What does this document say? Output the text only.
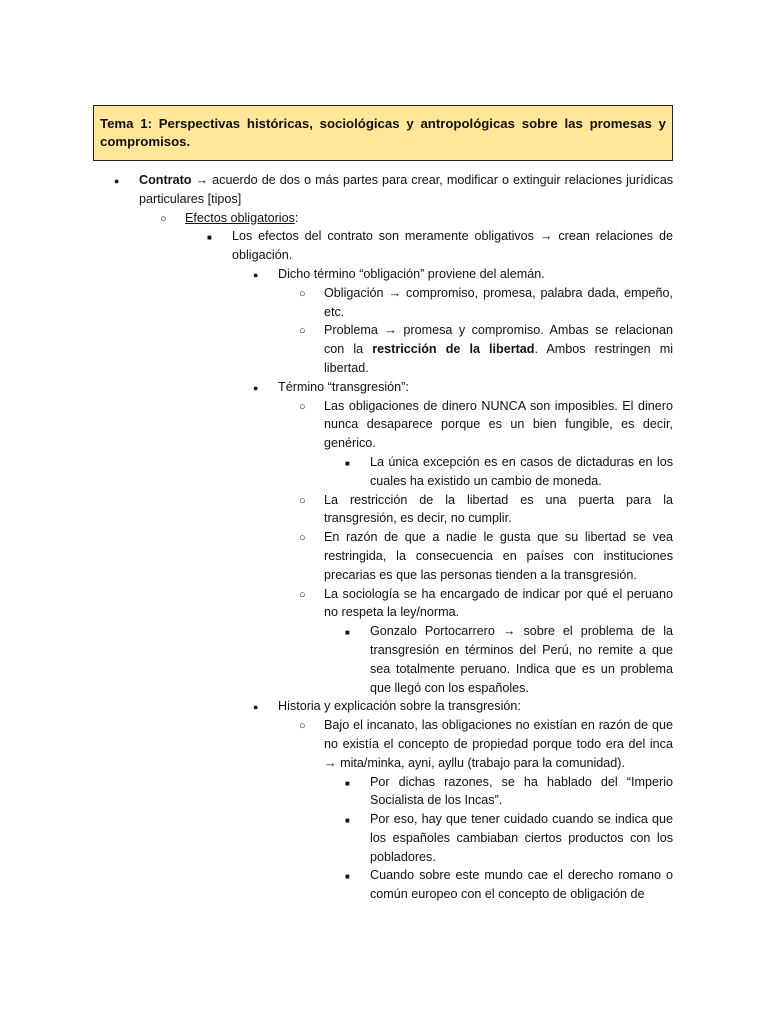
Tema 1: Perspectivas históricas, sociológicas y antropológicas sobre las promesas y compromisos.
●
Contrato → acuerdo de dos o más partes para crear, modificar o extinguir relaciones jurídicas particulares [tipos]
○
Efectos obligatorios:
■
Los efectos del contrato son meramente obligativos → crean relaciones de obligación.
●
Dicho término “obligación” proviene del alemán.
○
Obligación → compromiso, promesa, palabra dada, empeño, etc.
○
Problema → promesa y compromiso. Ambas se relacionan con la restricción de la libertad. Ambos restringen mi libertad.
●
Término “transgresión”:
○
Las obligaciones de dinero NUNCA son imposibles. El dinero nunca desaparece porque es un bien fungible, es decir, genérico.
■
La única excepción es en casos de dictaduras en los cuales ha existido un cambio de moneda.
○
La restricción de la libertad es una puerta para la transgresión, es decir, no cumplir.
○
En razón de que a nadie le gusta que su libertad se vea restringida, la consecuencia en países con instituciones precarias es que las personas tienden a la transgresión.
○
La sociología se ha encargado de indicar por qué el peruano no respeta la ley/norma.
■
Gonzalo Portocarrero → sobre el problema de la transgresión en términos del Perú, no remite a que sea totalmente peruano. Indica que es un problema que llegó con los españoles.
●
Historia y explicación sobre la transgresión:
○
Bajo el incanato, las obligaciones no existían en razón de que no existía el concepto de propiedad porque todo era del inca → mita/minka, ayni, ayllu (trabajo para la comunidad).
■
Por dichas razones, se ha hablado del “Imperio Socialista de los Incas”.
■
Por eso, hay que tener cuidado cuando se indica que los españoles cambiaban ciertos productos con los pobladores.
■
Cuando sobre este mundo cae el derecho romano o común europeo con el concepto de obligación de
